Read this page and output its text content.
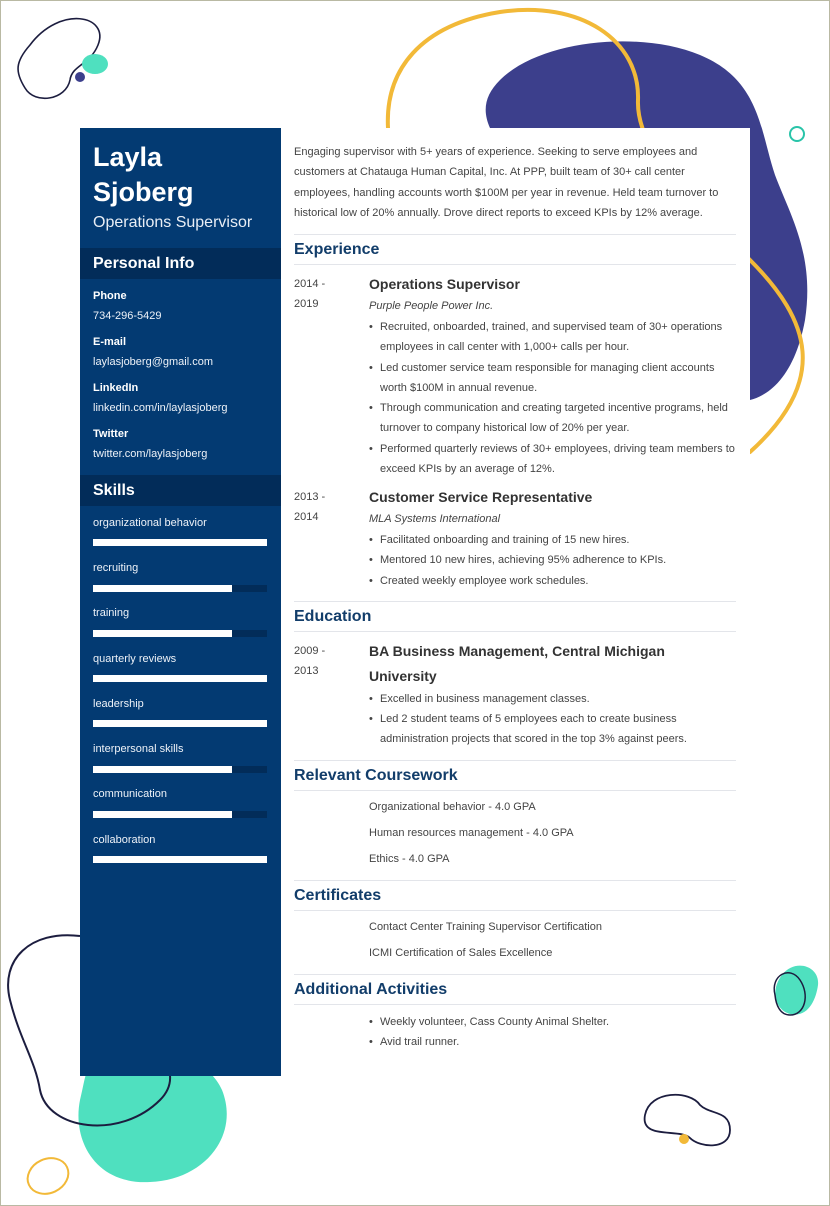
Layla
Sjoberg
Operations Supervisor
Personal Info
Phone
734-296-5429
E-mail
laylasjoberg@gmail.com
LinkedIn
linkedin.com/in/laylasjoberg
Twitter
twitter.com/laylasjoberg
Skills
organizational behavior
recruiting
training
quarterly reviews
leadership
interpersonal skills
communication
collaboration
Engaging supervisor with 5+ years of experience. Seeking to serve employees and customers at Chatauga Human Capital, Inc. At PPP, built team of 30+ call center employees, handling accounts worth $100M per year in revenue. Held team turnover to historical low of 20% annually. Drove direct reports to exceed KPIs by 12% average.
Experience
2014 -
2019
Operations Supervisor
Purple People Power Inc.
• Recruited, onboarded, trained, and supervised team of 30+ operations employees in call center with 1,000+ calls per hour.
• Led customer service team responsible for managing client accounts worth $100M in annual revenue.
• Through communication and creating targeted incentive programs, held turnover to company historical low of 20% per year.
• Performed quarterly reviews of 30+ employees, driving team members to exceed KPIs by an average of 12%.
2013 -
2014
Customer Service Representative
MLA Systems International
• Facilitated onboarding and training of 15 new hires.
• Mentored 10 new hires, achieving 95% adherence to KPIs.
• Created weekly employee work schedules.
Education
2009 -
2013
BA Business Management, Central Michigan University
• Excelled in business management classes.
• Led 2 student teams of 5 employees each to create business administration projects that scored in the top 3% against peers.
Relevant Coursework
Organizational behavior - 4.0 GPA
Human resources management - 4.0 GPA
Ethics - 4.0 GPA
Certificates
Contact Center Training Supervisor Certification
ICMI Certification of Sales Excellence
Additional Activities
• Weekly volunteer, Cass County Animal Shelter.
• Avid trail runner.
